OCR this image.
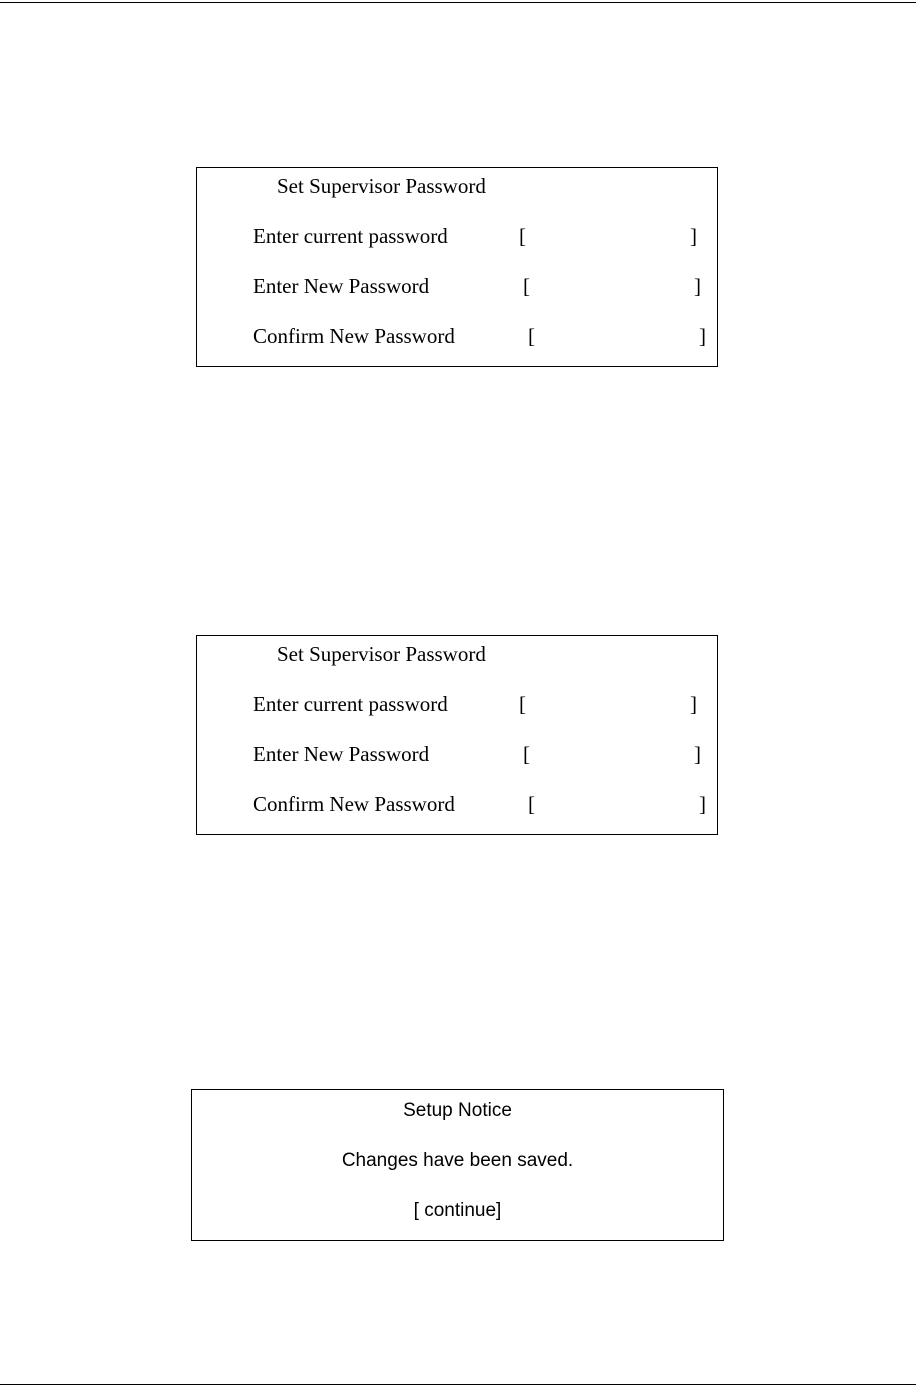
Set Supervisor Password
Enter current password	[	]
Enter New Password	[	]
Confirm New Password	[	]
Set Supervisor Password
Enter current password	[	]
Enter New Password	[	]
Confirm New Password	[	]
Setup Notice
Changes have been saved.
[ continue]
